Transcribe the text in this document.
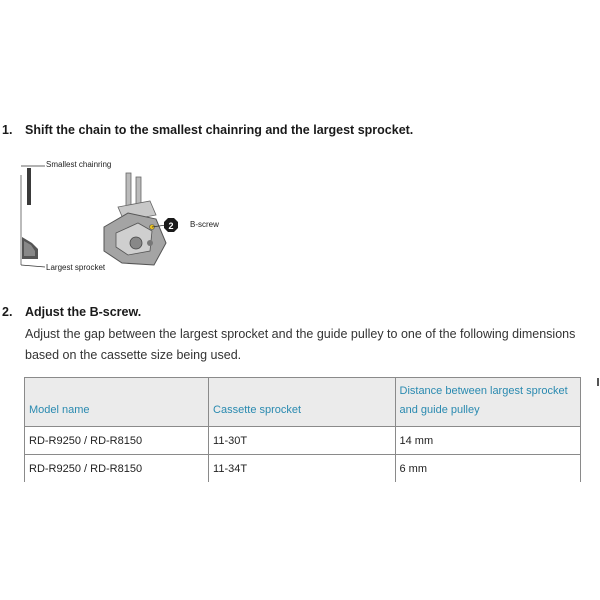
1. Shift the chain to the smallest chainring and the largest sprocket.
2
Smallest chainring
Largest sprocket
B-screw
2. Adjust the B-screw.
Adjust the gap between the largest sprocket and the guide pulley to one of the following dimensions based on the cassette size being used.
Model name	Cassette sprocket	Distance between largest sprocket and guide pulley
RD-R9250 / RD-R8150	11-30T	14 mm
RD-R9250 / RD-R8150	11-34T	6 mm
